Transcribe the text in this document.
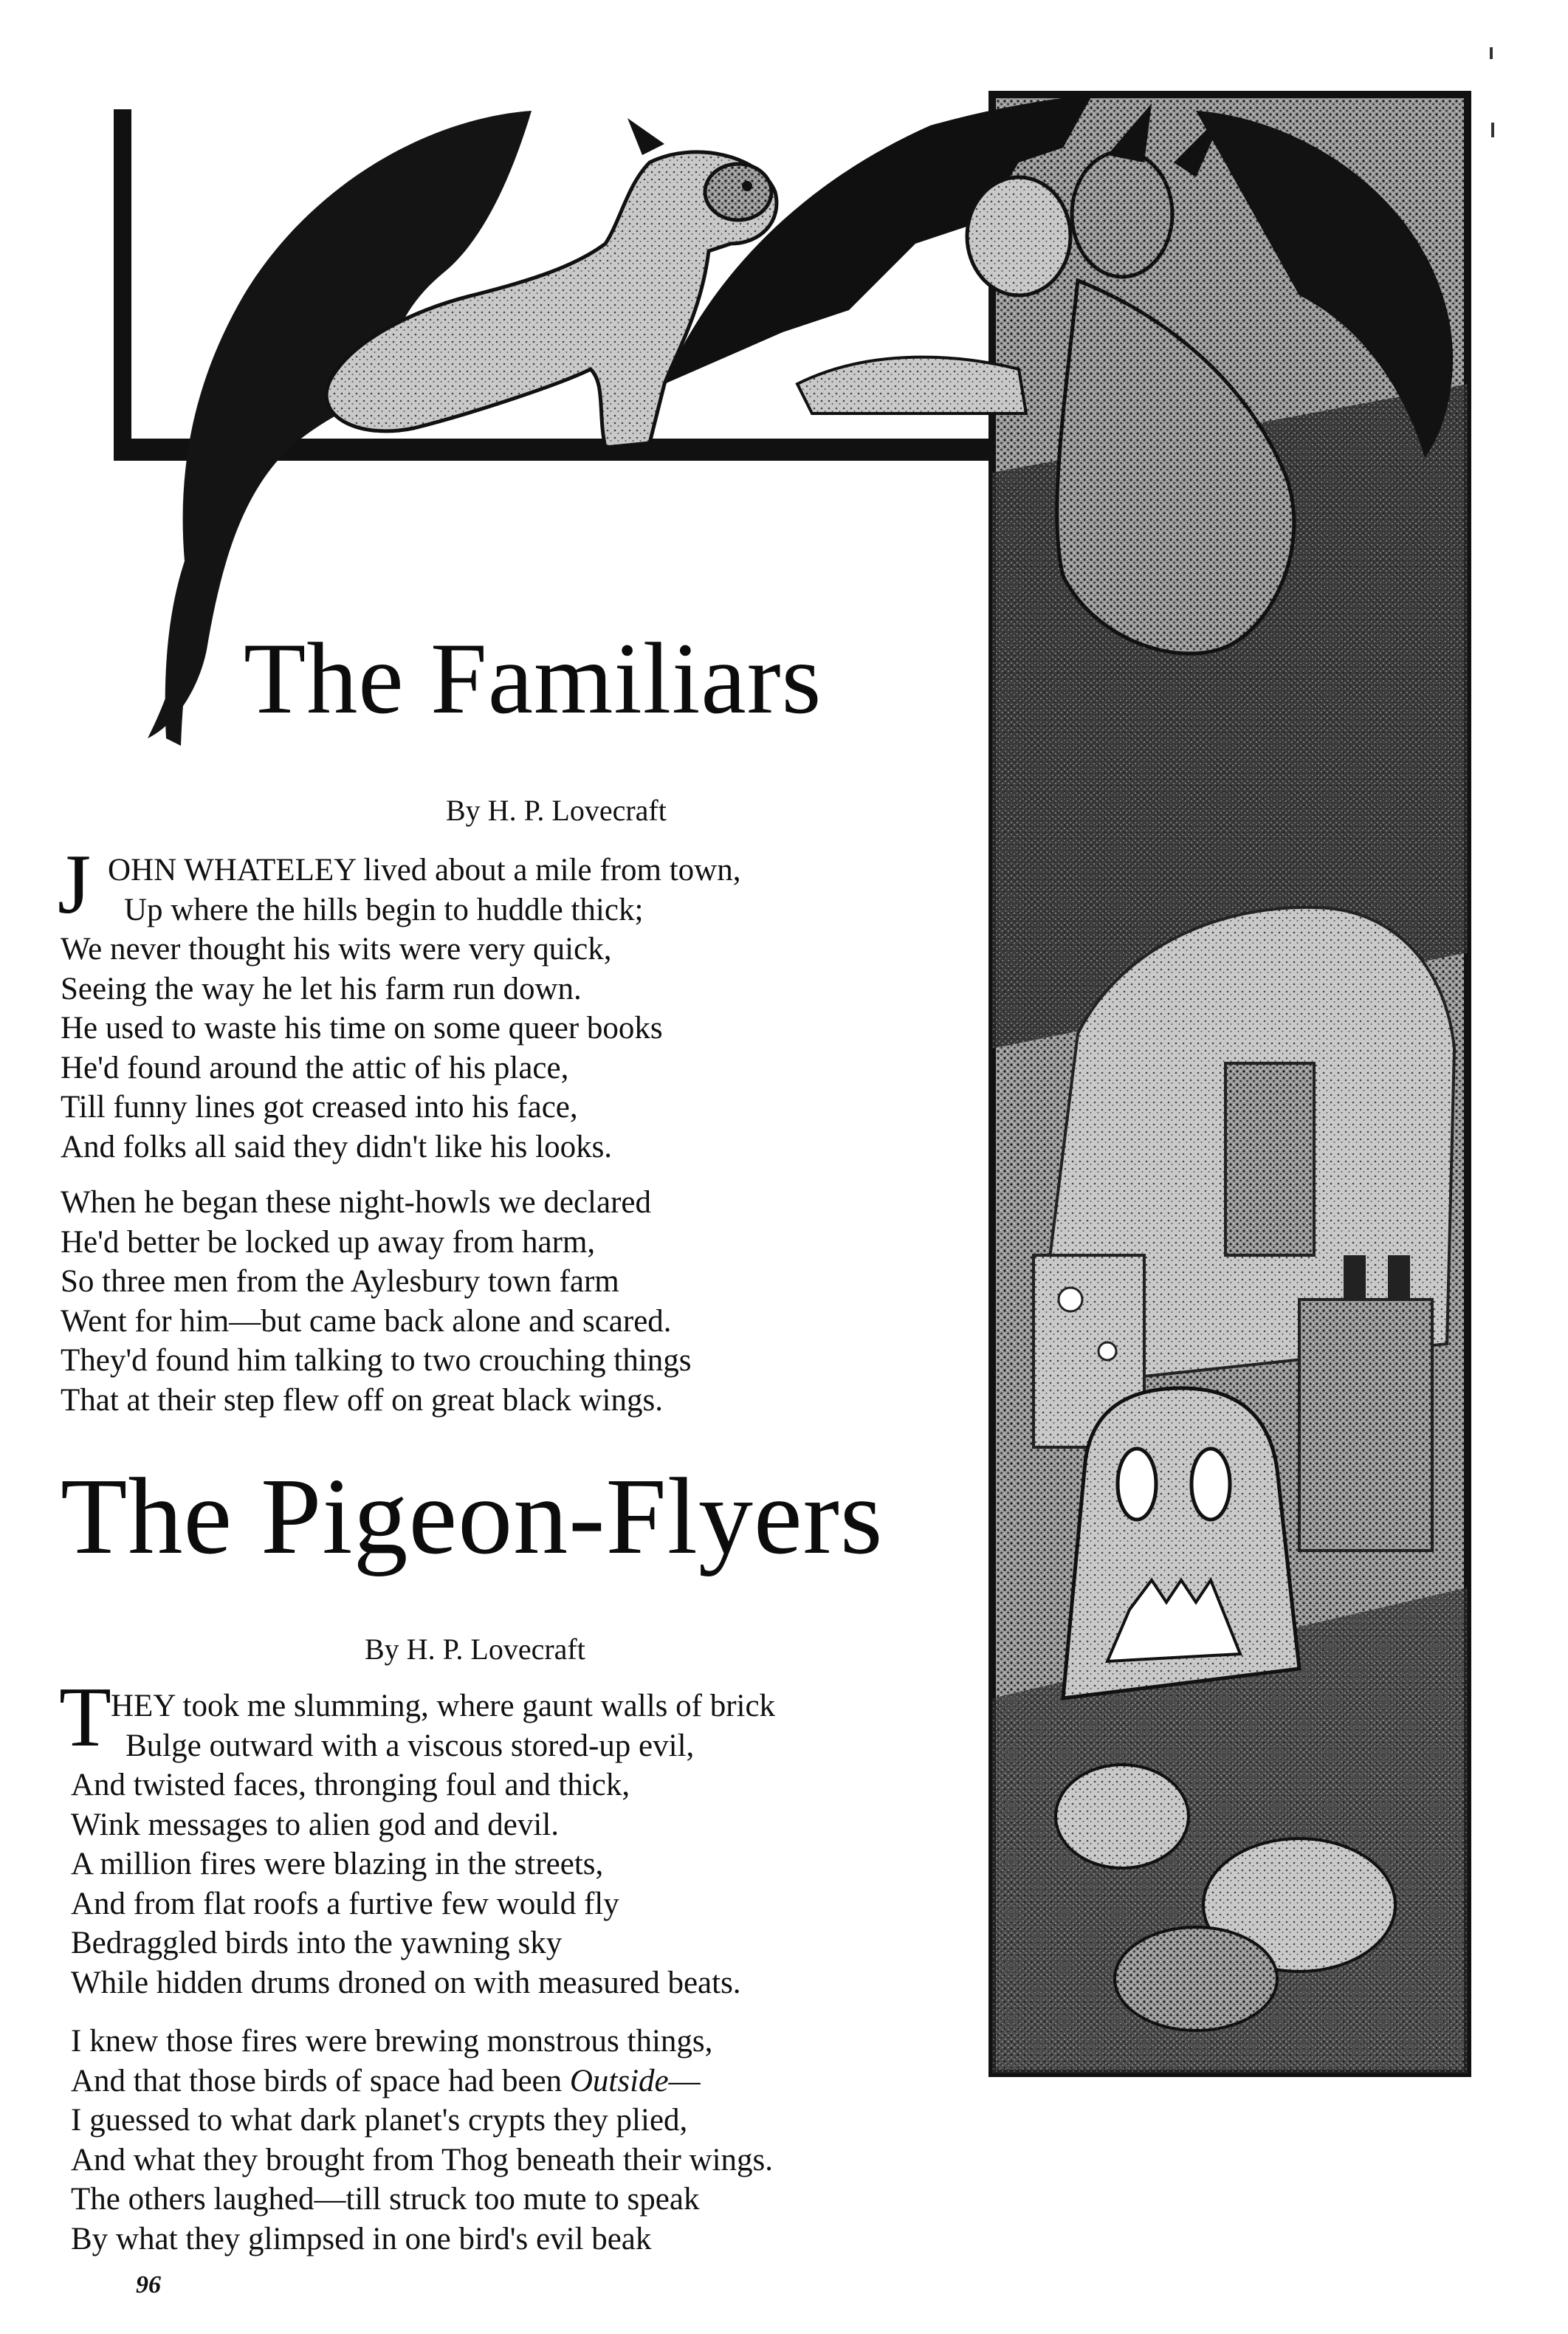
The Familiars

By H. P. Lovecraft

J OHN WHATELEY lived about a mile from town,
Up where the hills begin to huddle thick;
We never thought his wits were very quick,
Seeing the way he let his farm run down.
He used to waste his time on some queer books
He'd found around the attic of his place,
Till funny lines got creased into his face,
And folks all said they didn't like his looks.
When he began these night-howls we declared
He'd better be locked up away from harm,
So three men from the Aylesbury town farm
Went for him—but came back alone and scared.
They'd found him talking to two crouching things
That at their step flew off on great black wings.
The Pigeon-Flyers

By H. P. Lovecraft

T HEY took me slumming, where gaunt walls of brick
Bulge outward with a viscous stored-up evil,
And twisted faces, thronging foul and thick,
Wink messages to alien god and devil.
A million fires were blazing in the streets,
And from flat roofs a furtive few would fly
Bedraggled birds into the yawning sky
While hidden drums droned on with measured beats.
I knew those fires were brewing monstrous things,
And that those birds of space had been Outside—
I guessed to what dark planet's crypts they plied,
And what they brought from Thog beneath their wings.
The others laughed—till struck too mute to speak
By what they glimpsed in one bird's evil beak

96
